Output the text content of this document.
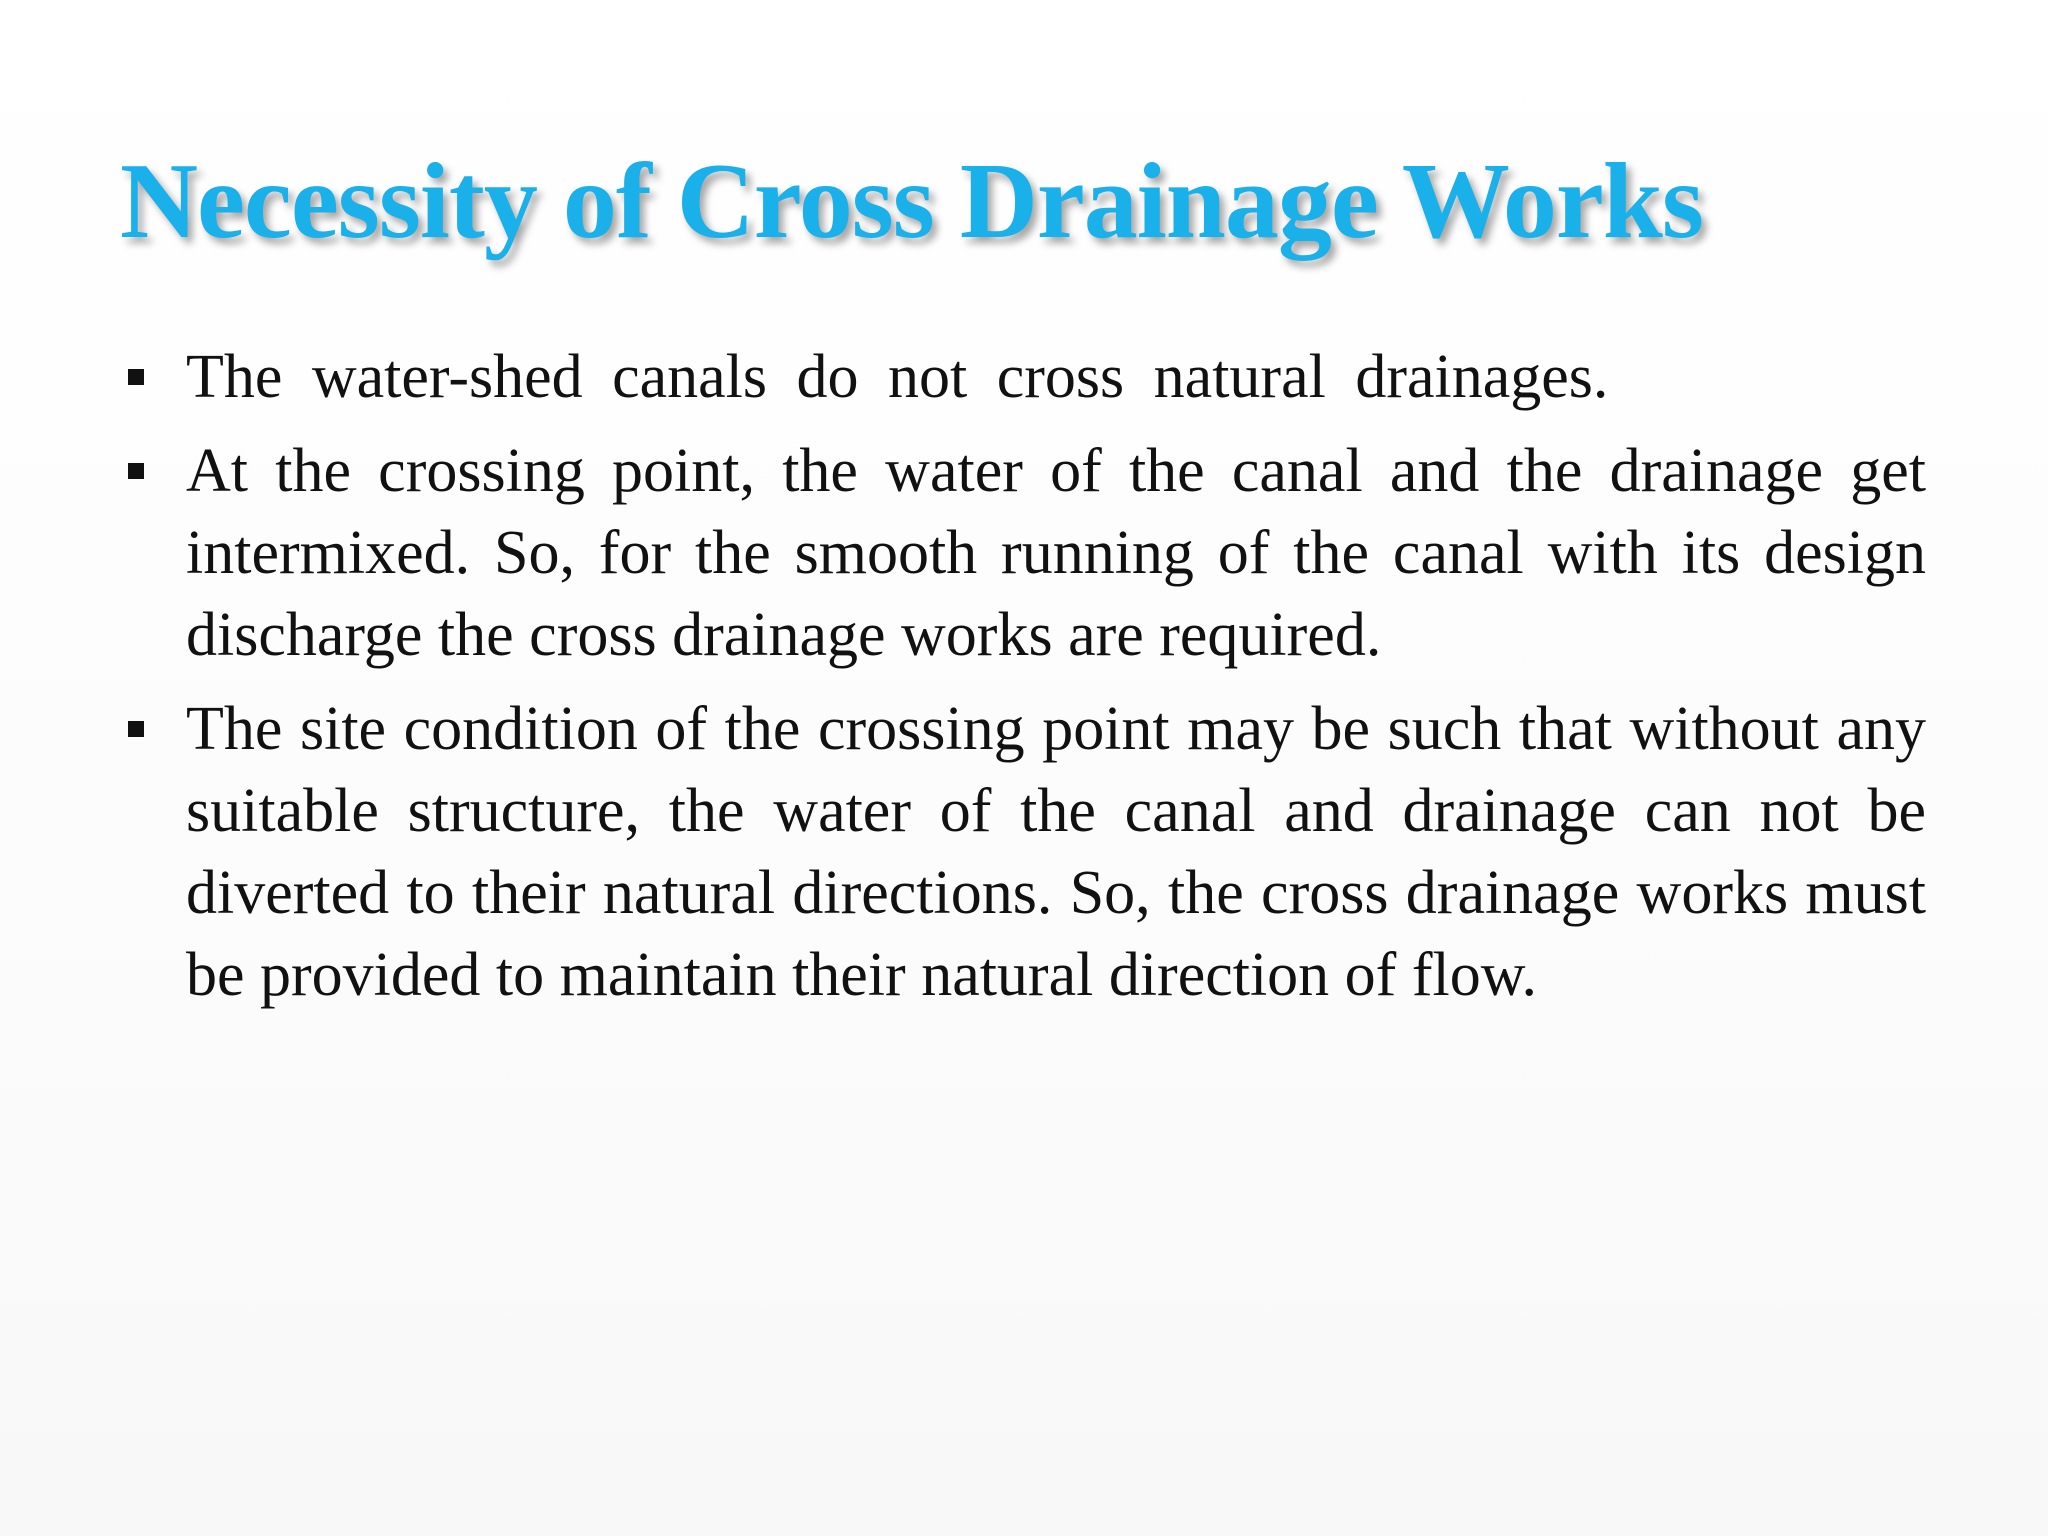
Necessity of Cross Drainage Works
The water-shed canals do not cross natural drainages.
At the crossing point, the water of the canal and the drainage get intermixed. So, for the smooth running of the canal with its design discharge the cross drainage works are required.
The site condition of the crossing point may be such that without any suitable structure, the water of the canal and drainage can not be diverted to their natural directions. So, the cross drainage works must be provided to maintain their natural direction of flow.
